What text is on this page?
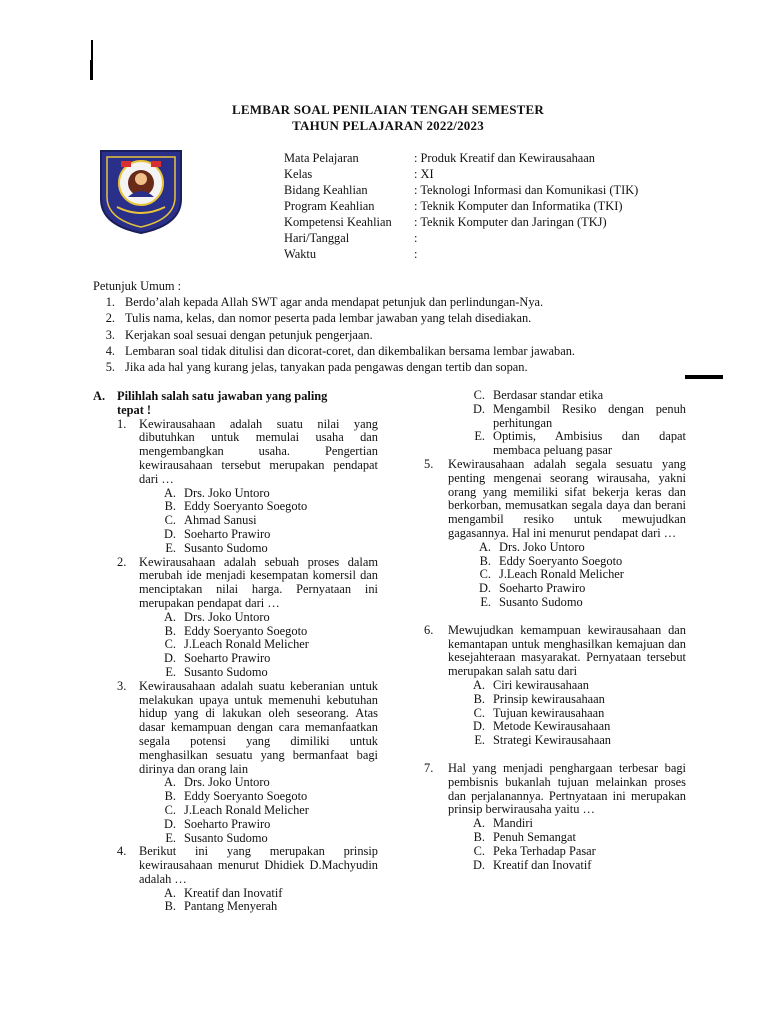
LEMBAR SOAL PENILAIAN TENGAH SEMESTER
TAHUN PELAJARAN 2022/2023
Mata Pelajaran	: Produk Kreatif dan Kewirausahaan
Kelas	: XI
Bidang Keahlian	: Teknologi Informasi dan Komunikasi (TIK)
Program Keahlian	: Teknik Komputer dan Informatika (TKI)
Kompetensi Keahlian	: Teknik Komputer dan Jaringan (TKJ)
Hari/Tanggal	:
Waktu	:
Petunjuk Umum :
1. Berdo’alah kepada Allah SWT agar anda mendapat petunjuk dan perlindungan-Nya.
2. Tulis nama, kelas, dan nomor peserta pada lembar jawaban yang telah disediakan.
3. Kerjakan soal sesuai dengan petunjuk pengerjaan.
4. Lembaran soal tidak ditulisi dan dicorat-coret, dan dikembalikan bersama lembar jawaban.
5. Jika ada hal yang kurang jelas, tanyakan pada pengawas dengan tertib dan sopan.
A. Pilihlah salah satu jawaban yang paling
tepat !
1.	Kewirausahaan adalah suatu nilai yang dibutuhkan untuk memulai usaha dan mengembangkan usaha. Pengertian kewirausahaan tersebut merupakan pendapat dari …
A. Drs. Joko Untoro
B. Eddy Soeryanto Soegoto
C. Ahmad Sanusi
D. Soeharto Prawiro
E. Susanto Sudomo
2.	Kewirausahaan adalah sebuah proses dalam merubah ide menjadi kesempatan komersil dan menciptakan nilai harga. Pernyataan ini merupakan pendapat dari …
A. Drs. Joko Untoro
B. Eddy Soeryanto Soegoto
C. J.Leach Ronald Melicher
D. Soeharto Prawiro
E. Susanto Sudomo
3.	Kewirausahaan adalah suatu keberanian untuk melakukan upaya untuk memenuhi kebutuhan hidup yang di lakukan oleh seseorang. Atas dasar kemampuan dengan cara memanfaatkan segala potensi yang dimiliki untuk menghasilkan sesuatu yang bermanfaat bagi dirinya dan orang lain
A. Drs. Joko Untoro
B. Eddy Soeryanto Soegoto
C. J.Leach Ronald Melicher
D. Soeharto Prawiro
E. Susanto Sudomo
4.	Berikut ini yang merupakan prinsip kewirausahaan menurut Dhidiek D.Machyudin adalah …
A. Kreatif dan Inovatif
B. Pantang Menyerah
C. Berdasar standar etika
D. Mengambil Resiko dengan penuh perhitungan
E. Optimis, Ambisius dan dapat membaca peluang pasar
5.	Kewirausahaan adalah segala sesuatu yang penting mengenai seorang wirausaha, yakni orang yang memiliki sifat bekerja keras dan berkorban, memusatkan segala daya dan berani mengambil resiko untuk mewujudkan gagasannya. Hal ini menurut pendapat dari …
A. Drs. Joko Untoro
B. Eddy Soeryanto Soegoto
C. J.Leach Ronald Melicher
D. Soeharto Prawiro
E. Susanto Sudomo
6.	Mewujudkan kemampuan kewirausahaan dan kemantapan untuk menghasilkan kemajuan dan kesejahteraan masyarakat. Pernyataan tersebut merupakan salah satu dari
A. Ciri kewirausahaan
B. Prinsip kewirausahaan
C. Tujuan kewirausahaan
D. Metode Kewirausahaan
E. Strategi Kewirausahaan
7.	Hal yang menjadi penghargaan terbesar bagi pembisnis bukanlah tujuan melainkan proses dan perjalanannya. Pertnyataan ini merupakan prinsip berwirausaha yaitu …
A. Mandiri
B. Penuh Semangat
C. Peka Terhadap Pasar
D. Kreatif dan Inovatif
